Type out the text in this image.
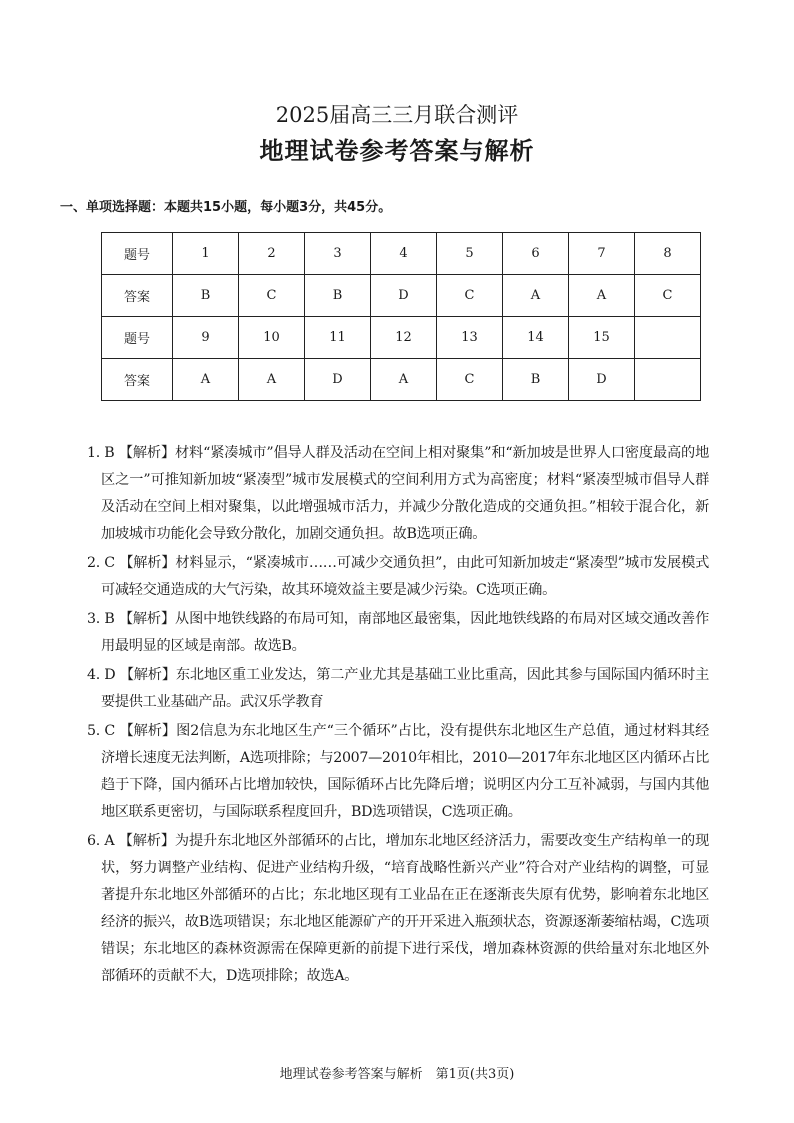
2025届高三三月联合测评
地理试卷参考答案与解析
一、单项选择题：本题共15小题，每小题3分，共45分。
题号	1	2	3	4	5	6	7	8
答案	B	C	B	D	C	A	A	C
题号	9	10	11	12	13	14	15	
答案	A	A	D	A	C	B	D	
1. B 【解析】材料“紧凑城市”倡导人群及活动在空间上相对聚集”和“新加坡是世界人口密度最高的地区之一”可推知新加坡“紧凑型”城市发展模式的空间利用方式为高密度；材料“紧凑型城市倡导人群及活动在空间上相对聚集，以此增强城市活力，并减少分散化造成的交通负担。”相较于混合化，新加坡城市功能化会导致分散化，加剧交通负担。故B选项正确。
2. C 【解析】材料显示，“紧凑城市……可减少交通负担”，由此可知新加坡走“紧凑型”城市发展模式可减轻交通造成的大气污染，故其环境效益主要是减少污染。C选项正确。
3. B 【解析】从图中地铁线路的布局可知，南部地区最密集，因此地铁线路的布局对区域交通改善作用最明显的区域是南部。故选B。
4. D 【解析】东北地区重工业发达，第二产业尤其是基础工业比重高，因此其参与国际国内循环时主要提供工业基础产品。武汉乐学教育
5. C 【解析】图2信息为东北地区生产“三个循环”占比，没有提供东北地区生产总值，通过材料其经济增长速度无法判断，A选项排除；与2007—2010年相比，2010—2017年东北地区区内循环占比趋于下降，国内循环占比增加较快，国际循环占比先降后增；说明区内分工互补减弱，与国内其他地区联系更密切，与国际联系程度回升，BD选项错误，C选项正确。
6. A 【解析】为提升东北地区外部循环的占比，增加东北地区经济活力，需要改变生产结构单一的现状，努力调整产业结构、促进产业结构升级，“培育战略性新兴产业”符合对产业结构的调整，可显著提升东北地区外部循环的占比；东北地区现有工业品在正在逐渐丧失原有优势，影响着东北地区经济的振兴，故B选项错误；东北地区能源矿产的开开采进入瓶颈状态，资源逐渐萎缩枯竭，C选项错误；东北地区的森林资源需在保障更新的前提下进行采伐，增加森林资源的供给量对东北地区外部循环的贡献不大，D选项排除；故选A。
地理试卷参考答案与解析　第1页(共3页)
